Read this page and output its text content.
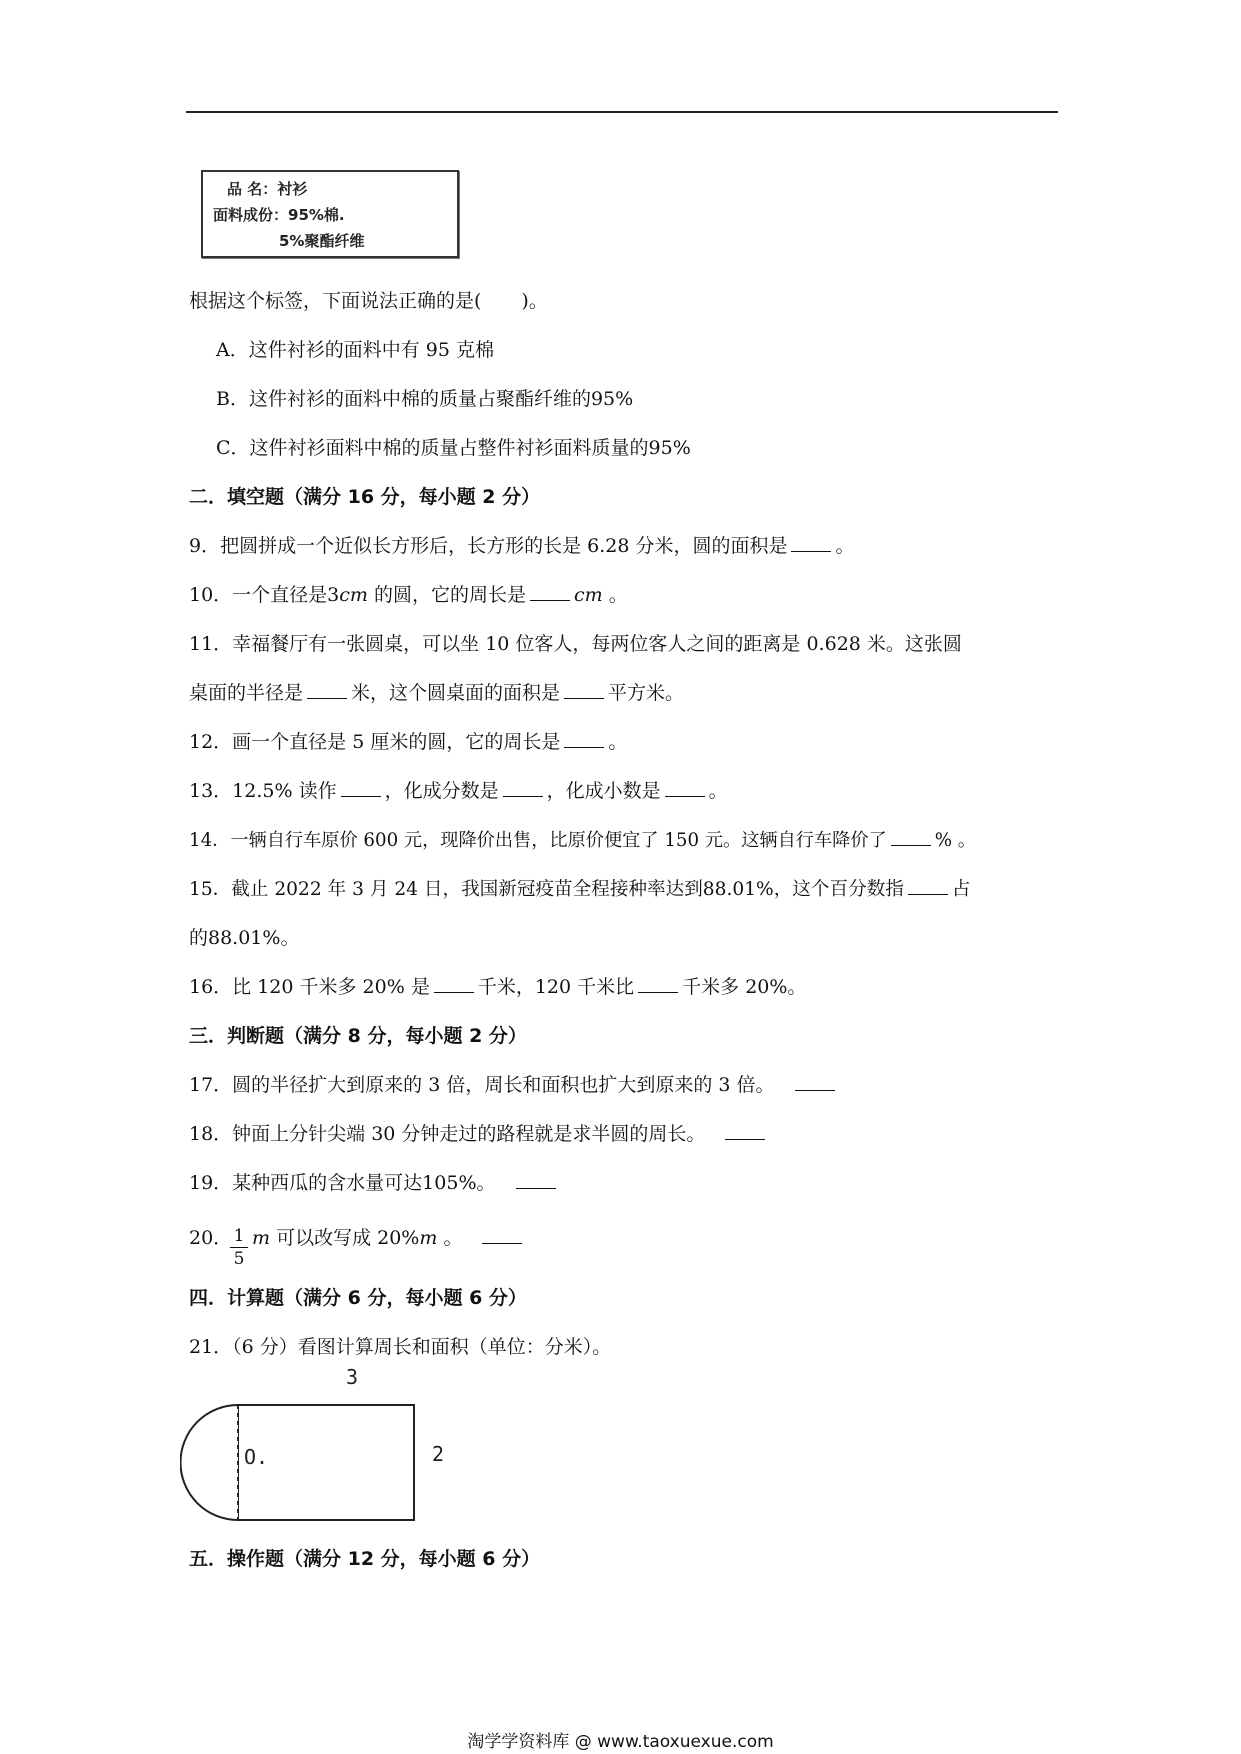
品 名：衬衫
面料成份：95%棉.
5%聚酯纤维
根据这个标签，下面说法正确的是( )。
A．这件衬衫的面料中有 95 克棉
B．这件衬衫的面料中棉的质量占聚酯纤维的95%
C．这件衬衫面料中棉的质量占整件衬衫面料质量的95%
二．填空题（满分 16 分，每小题 2 分）
9．把圆拼成一个近似长方形后，长方形的长是 6.28 分米，圆的面积是	。
10．一个直径是3cm 的圆，它的周长是	cm 。
11．幸福餐厅有一张圆桌，可以坐 10 位客人，每两位客人之间的距离是 0.628 米。这张圆
桌面的半径是	米，这个圆桌面的面积是	平方米。
12．画一个直径是 5 厘米的圆，它的周长是	。
13．12.5% 读作	，化成分数是	，化成小数是	。
14．一辆自行车原价 600 元，现降价出售，比原价便宜了 150 元。这辆自行车降价了	% 。
15．截止 2022 年 3 月 24 日，我国新冠疫苗全程接种率达到88.01%，这个百分数指	占
的88.01%。
16．比 120 千米多 20% 是	千米，120 千米比	千米多 20%。
三．判断题（满分 8 分，每小题 2 分）
17．圆的半径扩大到原来的 3 倍，周长和面积也扩大到原来的 3 倍。
18．钟面上分针尖端 30 分钟走过的路程就是求半圆的周长。
19．某种西瓜的含水量可达105%。
20． 1
5
m 可以改写成 20%m 。
四．计算题（满分 6 分，每小题 6 分）
21．（6 分）看图计算周长和面积（单位：分米）。
3
2
O.
五．操作题（满分 12 分，每小题 6 分）
淘学学资料库 @ www.taoxuexue.com
